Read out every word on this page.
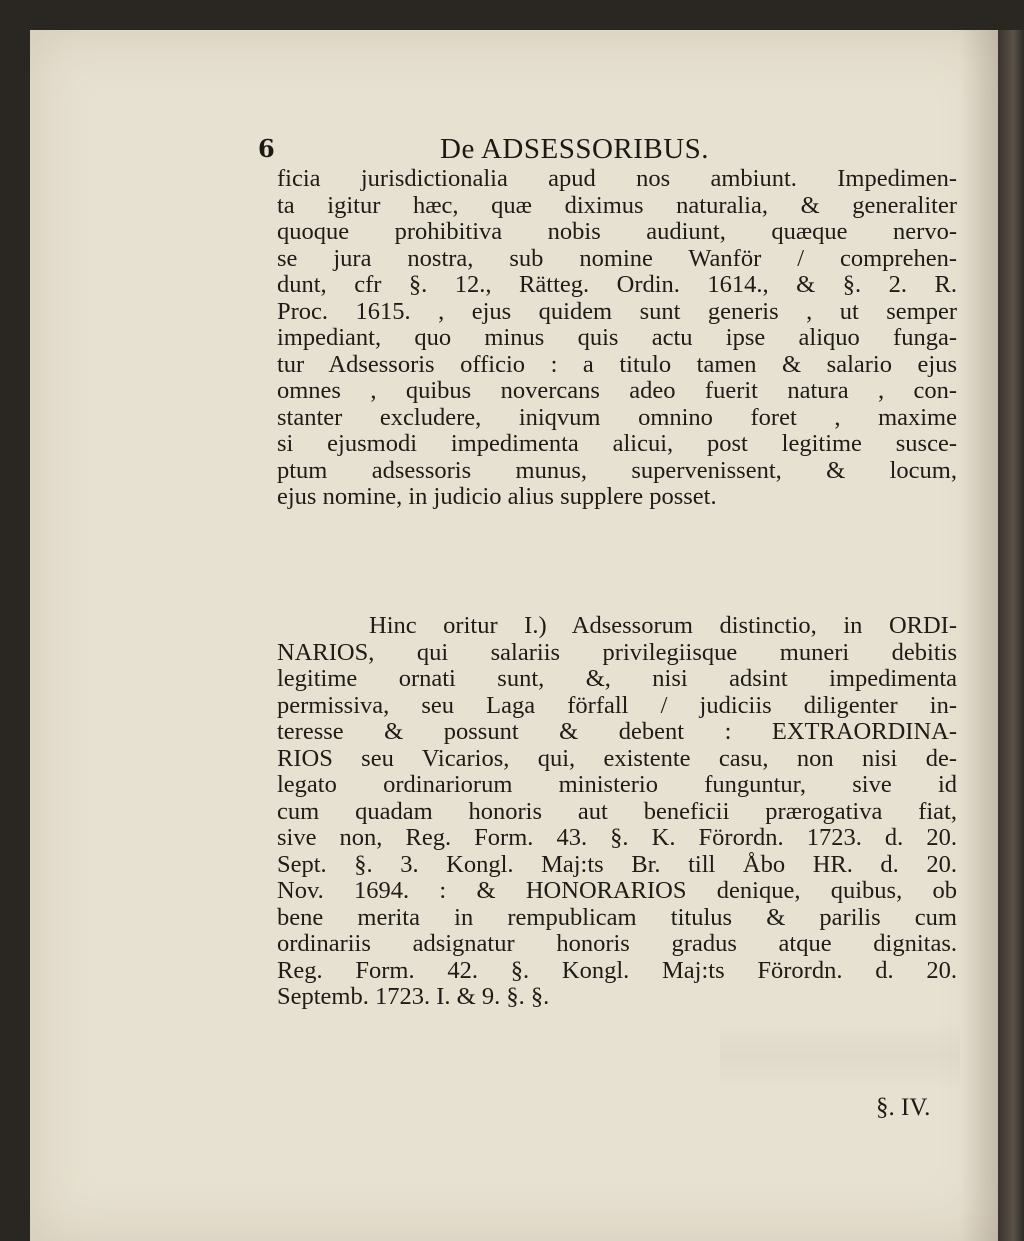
6	De ADSESSORIBUS.
ficia jurisdictionalia apud nos ambiunt. Impedimen-
ta igitur hæc, quæ diximus naturalia, & generaliter
quoque prohibitiva nobis audiunt, quæque nervo-
se jura nostra, sub nomine Wanför / comprehen-
dunt, cfr §. 12., Rätteg. Ordin. 1614., & §. 2. R.
Proc. 1615. , ejus quidem sunt generis , ut semper
impediant, quo minus quis actu ipse aliquo funga-
tur Adsessoris officio : a titulo tamen & salario ejus
omnes , quibus novercans adeo fuerit natura , con-
stanter excludere, iniqvum omnino foret , maxime
si ejusmodi impedimenta alicui, post legitime susce-
ptum adsessoris munus, supervenissent, & locum,
ejus nomine, in judicio alius supplere posset.
Hinc oritur I.) Adsessorum distinctio, in ORDI-
NARIOS, qui salariis privilegiisque muneri debitis
legitime ornati sunt, &, nisi adsint impedimenta
permissiva, seu Laga förfall / judiciis diligenter in-
teresse & possunt & debent : EXTRAORDINA-
RIOS seu Vicarios, qui, existente casu, non nisi de-
legato ordinariorum ministerio funguntur, sive id
cum quadam honoris aut beneficii prærogativa fiat,
sive non, Reg. Form. 43. §. K. Förordn. 1723. d. 20.
Sept. §. 3. Kongl. Maj:ts Br. till Åbo HR. d. 20.
Nov. 1694. : & HONORARIOS denique, quibus, ob
bene merita in rempublicam titulus & parilis cum
ordinariis adsignatur honoris gradus atque dignitas.
Reg. Form. 42. §. Kongl. Maj:ts Förordn. d. 20.
Septemb. 1723. I. & 9. §. §.
§. IV.
